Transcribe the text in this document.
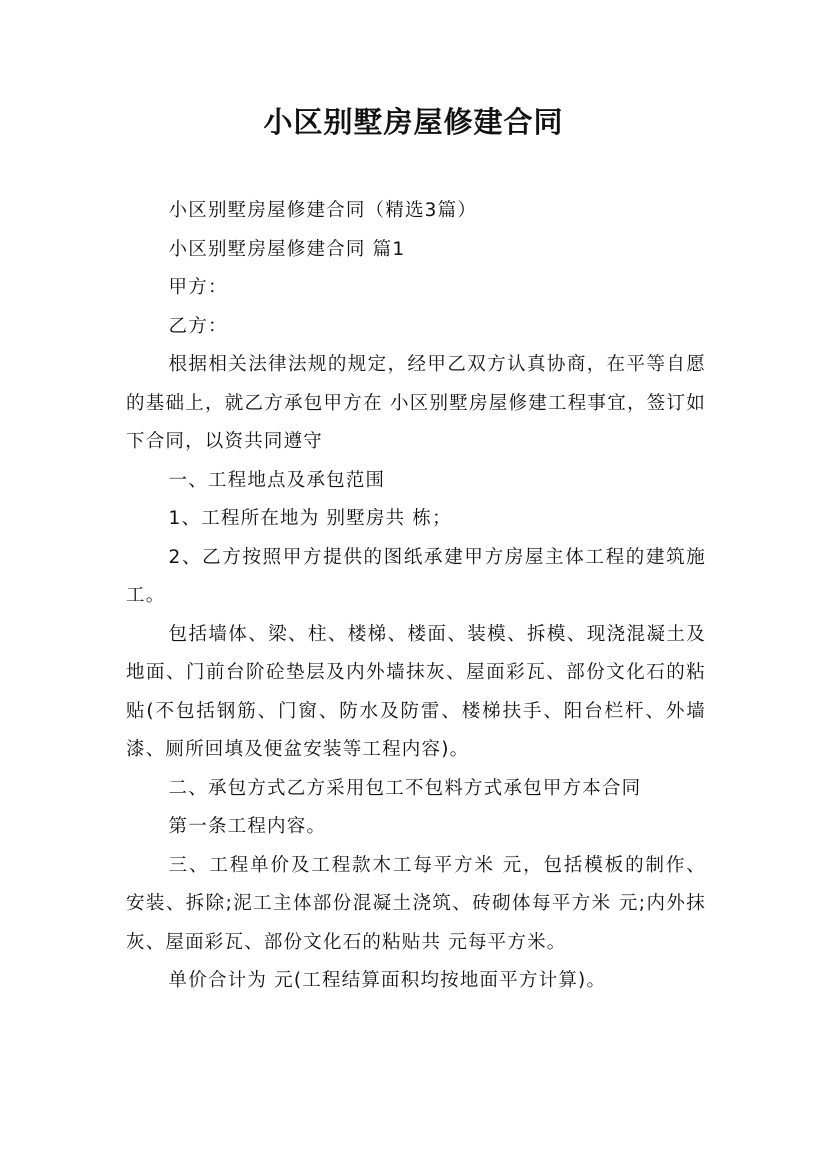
小区别墅房屋修建合同

小区别墅房屋修建合同（精选3篇）

小区别墅房屋修建合同 篇1

甲方：

乙方：

根据相关法律法规的规定，经甲乙双方认真协商，在平等自愿的基础上，就乙方承包甲方在 小区别墅房屋修建工程事宜，签订如下合同，以资共同遵守

一、工程地点及承包范围

1、工程所在地为 别墅房共 栋；

2、乙方按照甲方提供的图纸承建甲方房屋主体工程的建筑施工。

包括墙体、梁、柱、楼梯、楼面、装模、拆模、现浇混凝土及地面、门前台阶砼垫层及内外墙抹灰、屋面彩瓦、部份文化石的粘贴(不包括钢筋、门窗、防水及防雷、楼梯扶手、阳台栏杆、外墙漆、厕所回填及便盆安装等工程内容)。

二、承包方式乙方采用包工不包料方式承包甲方本合同

第一条工程内容。

三、工程单价及工程款木工每平方米 元，包括模板的制作、安装、拆除;泥工主体部份混凝土浇筑、砖砌体每平方米 元;内外抹灰、屋面彩瓦、部份文化石的粘贴共 元每平方米。

单价合计为 元(工程结算面积均按地面平方计算)。
